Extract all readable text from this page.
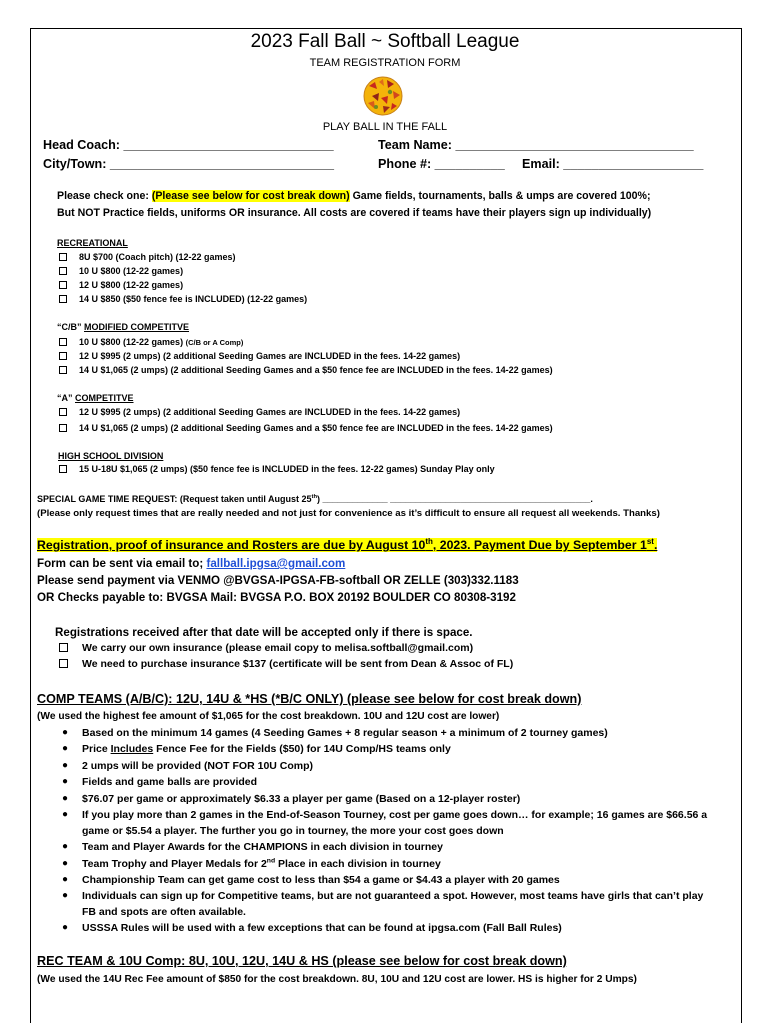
2023 Fall Ball ~ Softball League
TEAM REGISTRATION FORM
PLAY BALL IN THE FALL
Head Coach: ______________________________	Team Name: __________________________________
City/Town: ________________________________	Phone #: __________ Email: ____________________
Please check one: (Please see below for cost break down) Game fields, tournaments, balls & umps are covered 100%;
But NOT Practice fields, uniforms OR insurance. All costs are covered if teams have their players sign up individually)
RECREATIONAL
8U $700 (Coach pitch) (12-22 games)
10 U $800 (12-22 games)
12 U $800 (12-22 games)
14 U $850 ($50 fence fee is INCLUDED) (12-22 games)
“C/B” MODIFIED COMPETITVE
10 U $800 (12-22 games) (C/B or A Comp)
12 U $995 (2 umps) (2 additional Seeding Games are INCLUDED in the fees. 14-22 games)
14 U $1,065 (2 umps) (2 additional Seeding Games and a $50 fence fee are INCLUDED in the fees. 14-22 games)
“A” COMPETITVE
12 U $995 (2 umps) (2 additional Seeding Games are INCLUDED in the fees. 14-22 games)
14 U $1,065 (2 umps) (2 additional Seeding Games and a $50 fence fee are INCLUDED in the fees. 14-22 games)
HIGH SCHOOL DIVISION
15 U-18U $1,065 (2 umps) ($50 fence fee is INCLUDED in the fees. 12-22 games) Sunday Play only
SPECIAL GAME TIME REQUEST: (Request taken until August 25th) _____________ ________________________________________.
(Please only request times that are really needed and not just for convenience as it’s difficult to ensure all request all weekends. Thanks)
Registration, proof of insurance and Rosters are due by August 10th, 2023. Payment Due by September 1st.
Form can be sent via email to; fallball.ipgsa@gmail.com
Please send payment via VENMO @BVGSA-IPGSA-FB-softball OR ZELLE (303)332.1183
OR Checks payable to: BVGSA Mail: BVGSA P.O. BOX 20192 BOULDER CO 80308-3192
Registrations received after that date will be accepted only if there is space.
We carry our own insurance (please email copy to melisa.softball@gmail.com)
We need to purchase insurance $137 (certificate will be sent from Dean & Assoc of FL)
COMP TEAMS (A/B/C): 12U, 14U & *HS (*B/C ONLY) (please see below for cost break down)
(We used the highest fee amount of $1,065 for the cost breakdown. 10U and 12U cost are lower)
● Based on the minimum 14 games (4 Seeding Games + 8 regular season + a minimum of 2 tourney games)
● Price Includes Fence Fee for the Fields ($50) for 14U Comp/HS teams only
● 2 umps will be provided (NOT FOR 10U Comp)
● Fields and game balls are provided
● $76.07 per game or approximately $6.33 a player per game (Based on a 12-player roster)
● If you play more than 2 games in the End-of-Season Tourney, cost per game goes down… for example; 16 games are $66.56 a
game or $5.54 a player. The further you go in tourney, the more your cost goes down
● Team and Player Awards for the CHAMPIONS in each division in tourney
● Team Trophy and Player Medals for 2nd Place in each division in tourney
● Championship Team can get game cost to less than $54 a game or $4.43 a player with 20 games
● Individuals can sign up for Competitive teams, but are not guaranteed a spot. However, most teams have girls that can’t play
FB and spots are often available.
● USSSA Rules will be used with a few exceptions that can be found at ipgsa.com (Fall Ball Rules)
REC TEAM & 10U Comp: 8U, 10U, 12U, 14U & HS (please see below for cost break down)
(We used the 14U Rec Fee amount of $850 for the cost breakdown. 8U, 10U and 12U cost are lower. HS is higher for 2 Umps)
